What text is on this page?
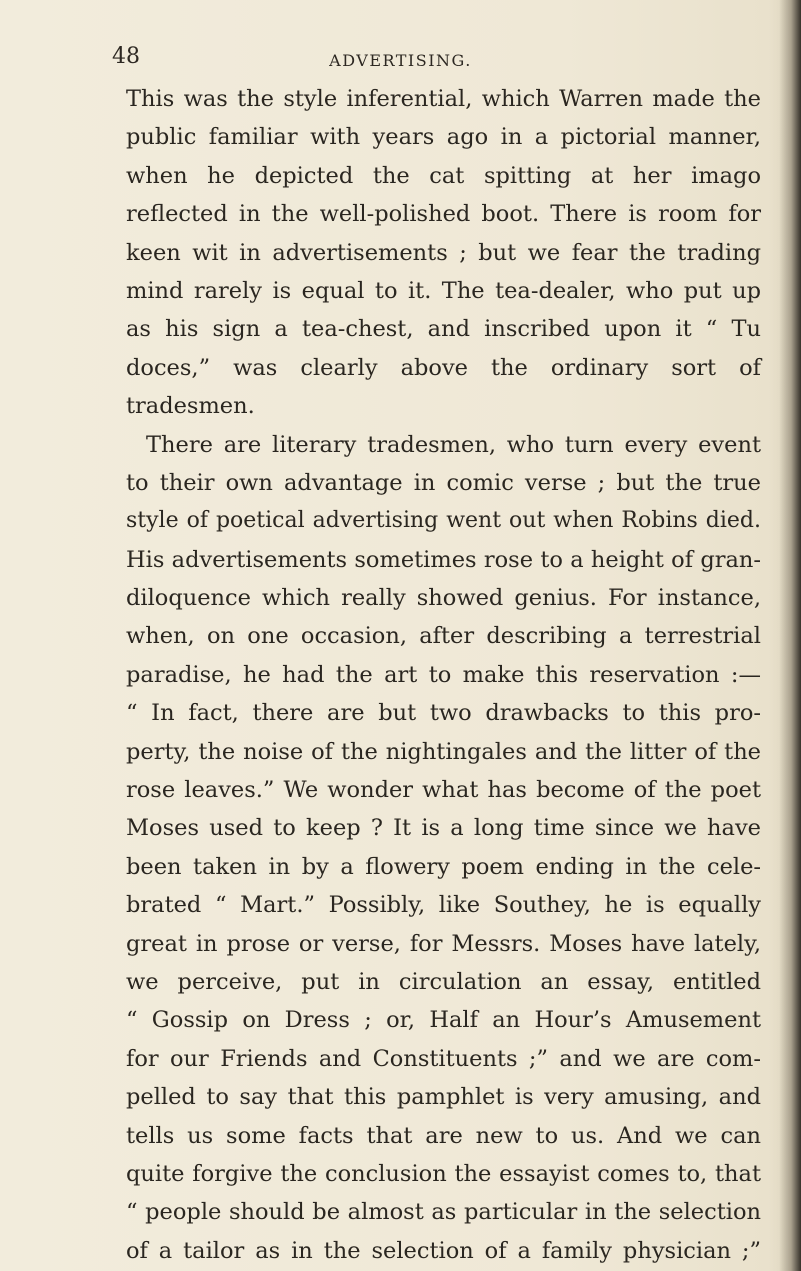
48	ADVERTISING.
This was the style inferential, which Warren made the
public familiar with years ago in a pictorial manner,
when he depicted the cat spitting at her imago
reflected in the well-polished boot. There is room for
keen wit in advertisements ; but we fear the trading
mind rarely is equal to it. The tea-dealer, who put up
as his sign a tea-chest, and inscribed upon it “ Tu
doces,” was clearly above the ordinary sort of
tradesmen.
There are literary tradesmen, who turn every event
to their own advantage in comic verse ; but the true
style of poetical advertising went out when Robins died.
His advertisements sometimes rose to a height of gran-
diloquence which really showed genius. For instance,
when, on one occasion, after describing a terrestrial
paradise, he had the art to make this reservation :—
“ In fact, there are but two drawbacks to this pro-
perty, the noise of the nightingales and the litter of the
rose leaves.” We wonder what has become of the poet
Moses used to keep ? It is a long time since we have
been taken in by a flowery poem ending in the cele-
brated “ Mart.” Possibly, like Southey, he is equally
great in prose or verse, for Messrs. Moses have lately,
we perceive, put in circulation an essay, entitled
“ Gossip on Dress ; or, Half an Hour’s Amusement
for our Friends and Constituents ;” and we are com-
pelled to say that this pamphlet is very amusing, and
tells us some facts that are new to us. And we can
quite forgive the conclusion the essayist comes to, that
“ people should be almost as particular in the selection
of a tailor as in the selection of a family physician ;”
